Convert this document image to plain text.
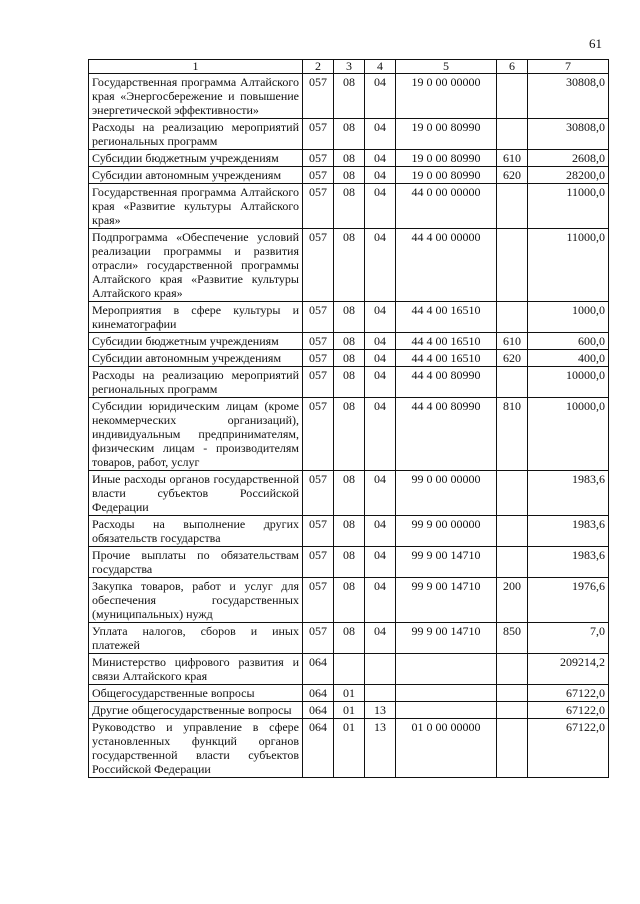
61
1	2	3	4	5	6	7
Государственная программа Алтайского края «Энергосбережение и повышение энергетической эффективности»	057	08	04	19 0 00 00000		30808,0
Расходы на реализацию мероприятий региональных программ	057	08	04	19 0 00 80990		30808,0
Субсидии бюджетным учреждениям	057	08	04	19 0 00 80990	610	2608,0
Субсидии автономным учреждениям	057	08	04	19 0 00 80990	620	28200,0
Государственная программа Алтайского края «Развитие культуры Алтайского края»	057	08	04	44 0 00 00000		11000,0
Подпрограмма «Обеспечение условий реализации программы и развития отрасли» государственной программы Алтайского края «Развитие культуры Алтайского края»	057	08	04	44 4 00 00000		11000,0
Мероприятия в сфере культуры и кинематографии	057	08	04	44 4 00 16510		1000,0
Субсидии бюджетным учреждениям	057	08	04	44 4 00 16510	610	600,0
Субсидии автономным учреждениям	057	08	04	44 4 00 16510	620	400,0
Расходы на реализацию мероприятий региональных программ	057	08	04	44 4 00 80990		10000,0
Субсидии юридическим лицам (кроме некоммерческих организаций), индивидуальным предпринимателям, физическим лицам - производителям товаров, работ, услуг	057	08	04	44 4 00 80990	810	10000,0
Иные расходы органов государственной власти субъектов Российской Федерации	057	08	04	99 0 00 00000		1983,6
Расходы на выполнение других обязательств государства	057	08	04	99 9 00 00000		1983,6
Прочие выплаты по обязательствам государства	057	08	04	99 9 00 14710		1983,6
Закупка товаров, работ и услуг для обеспечения государственных (муниципальных) нужд	057	08	04	99 9 00 14710	200	1976,6
Уплата налогов, сборов и иных платежей	057	08	04	99 9 00 14710	850	7,0
Министерство цифрового развития и связи Алтайского края	064					209214,2
Общегосударственные вопросы	064	01				67122,0
Другие общегосударственные вопросы	064	01	13			67122,0
Руководство и управление в сфере установленных функций органов государственной власти субъектов Российской Федерации	064	01	13	01 0 00 00000		67122,0
